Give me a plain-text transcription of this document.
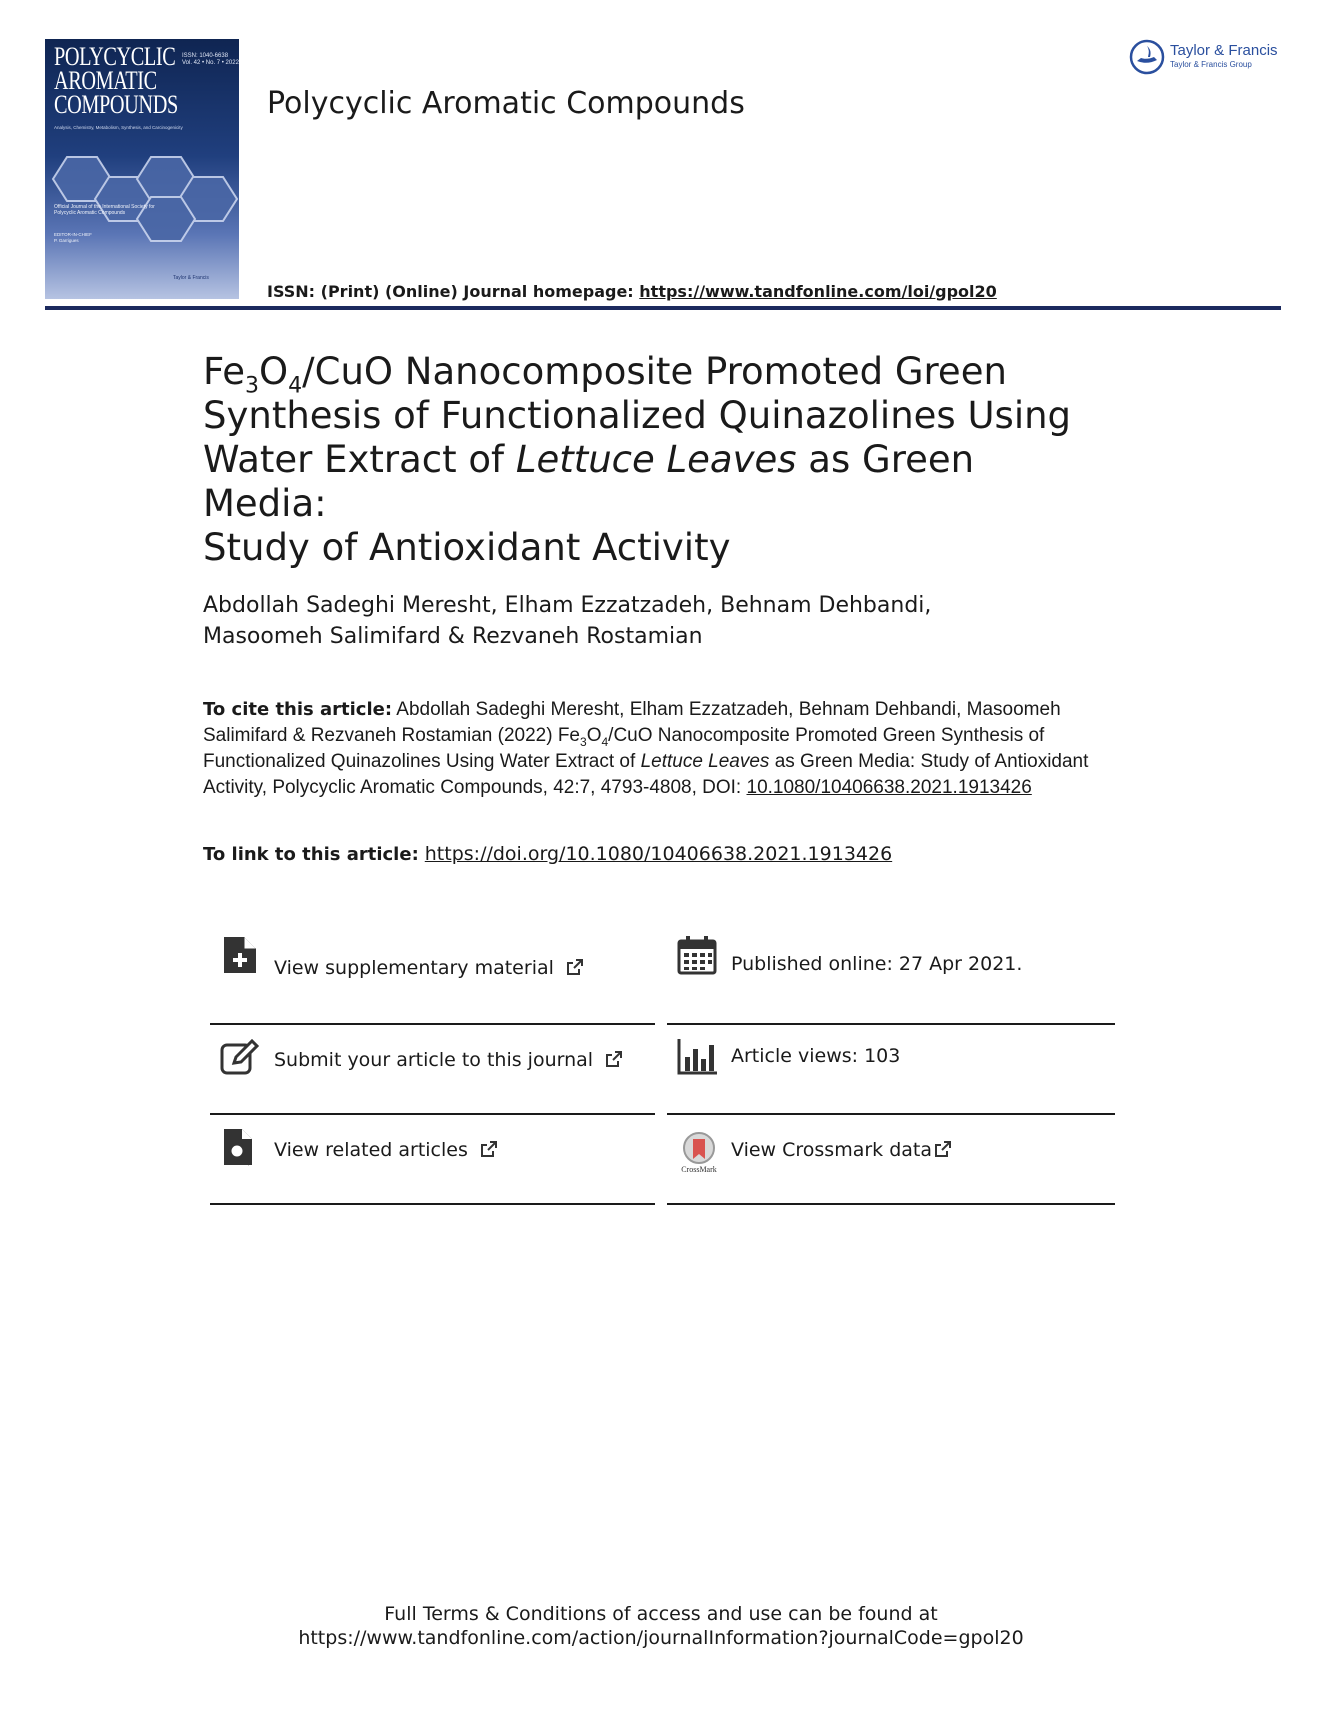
POLYCYCLIC
AROMATIC
COMPOUNDS
ISSN: 1040-6638
Vol. 42 • No. 7 • 2022
Analysis, Chemistry, Metabolism, Synthesis, and Carcinogenicity
Official Journal of the International Society for Polycyclic Aromatic Compounds
EDITOR-IN-CHIEF
P. Garrigues
Taylor & Francis
Polycyclic Aromatic Compounds
Taylor & Francis
Taylor & Francis Group
ISSN: (Print) (Online) Journal homepage: https://www.tandfonline.com/loi/gpol20
$Fe_3O_4$/CuO Nanocomposite Promoted Green
Synthesis of Functionalized Quinazolines Using
Water Extract of Lettuce Leaves as Green Media:
Study of Antioxidant Activity
Abdollah Sadeghi Meresht, Elham Ezzatzadeh, Behnam Dehbandi,
Masoomeh Salimifard & Rezvaneh Rostamian
To cite this article: Abdollah Sadeghi Meresht, Elham Ezzatzadeh, Behnam Dehbandi, Masoomeh Salimifard & Rezvaneh Rostamian (2022) $Fe_3O_4$/CuO Nanocomposite Promoted Green Synthesis of Functionalized Quinazolines Using Water Extract of Lettuce Leaves as Green Media: Study of Antioxidant Activity, Polycyclic Aromatic Compounds, 42:7, 4793-4808, DOI: 10.1080/10406638.2021.1913426
To link to this article: https://doi.org/10.1080/10406638.2021.1913426
View supplementary material	Published online: 27 Apr 2021.
Submit your article to this journal	Article views: 103
View related articles
CrossMark
View Crossmark data
Full Terms & Conditions of access and use can be found at
https://www.tandfonline.com/action/journalInformation?journalCode=gpol20
